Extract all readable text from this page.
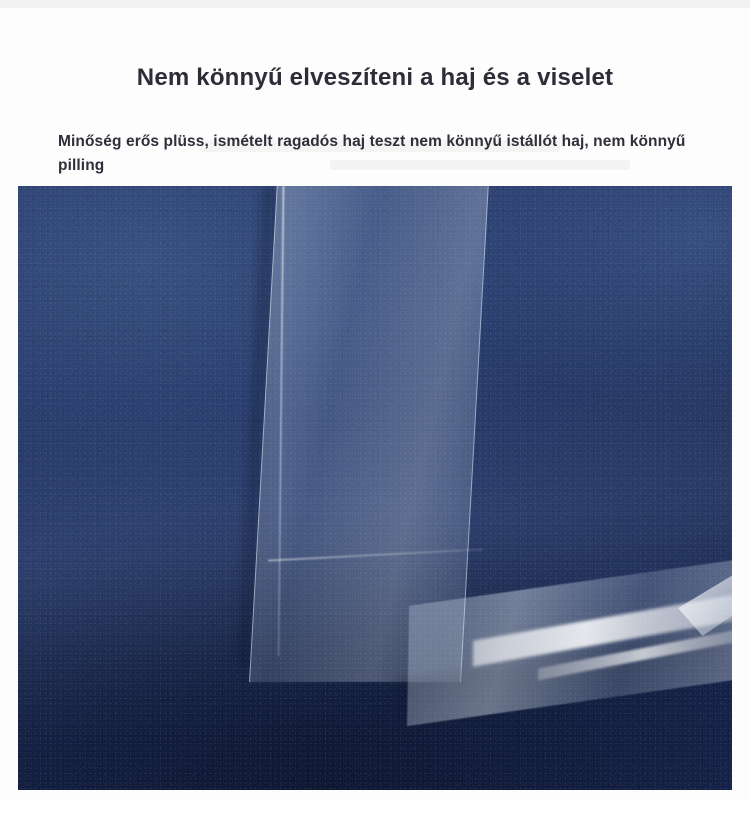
Nem könnyű elveszíteni a haj és a viselet

Minőség erős plüss, ismételt ragadós haj teszt nem könnyű istállót haj, nem könnyű pilling
